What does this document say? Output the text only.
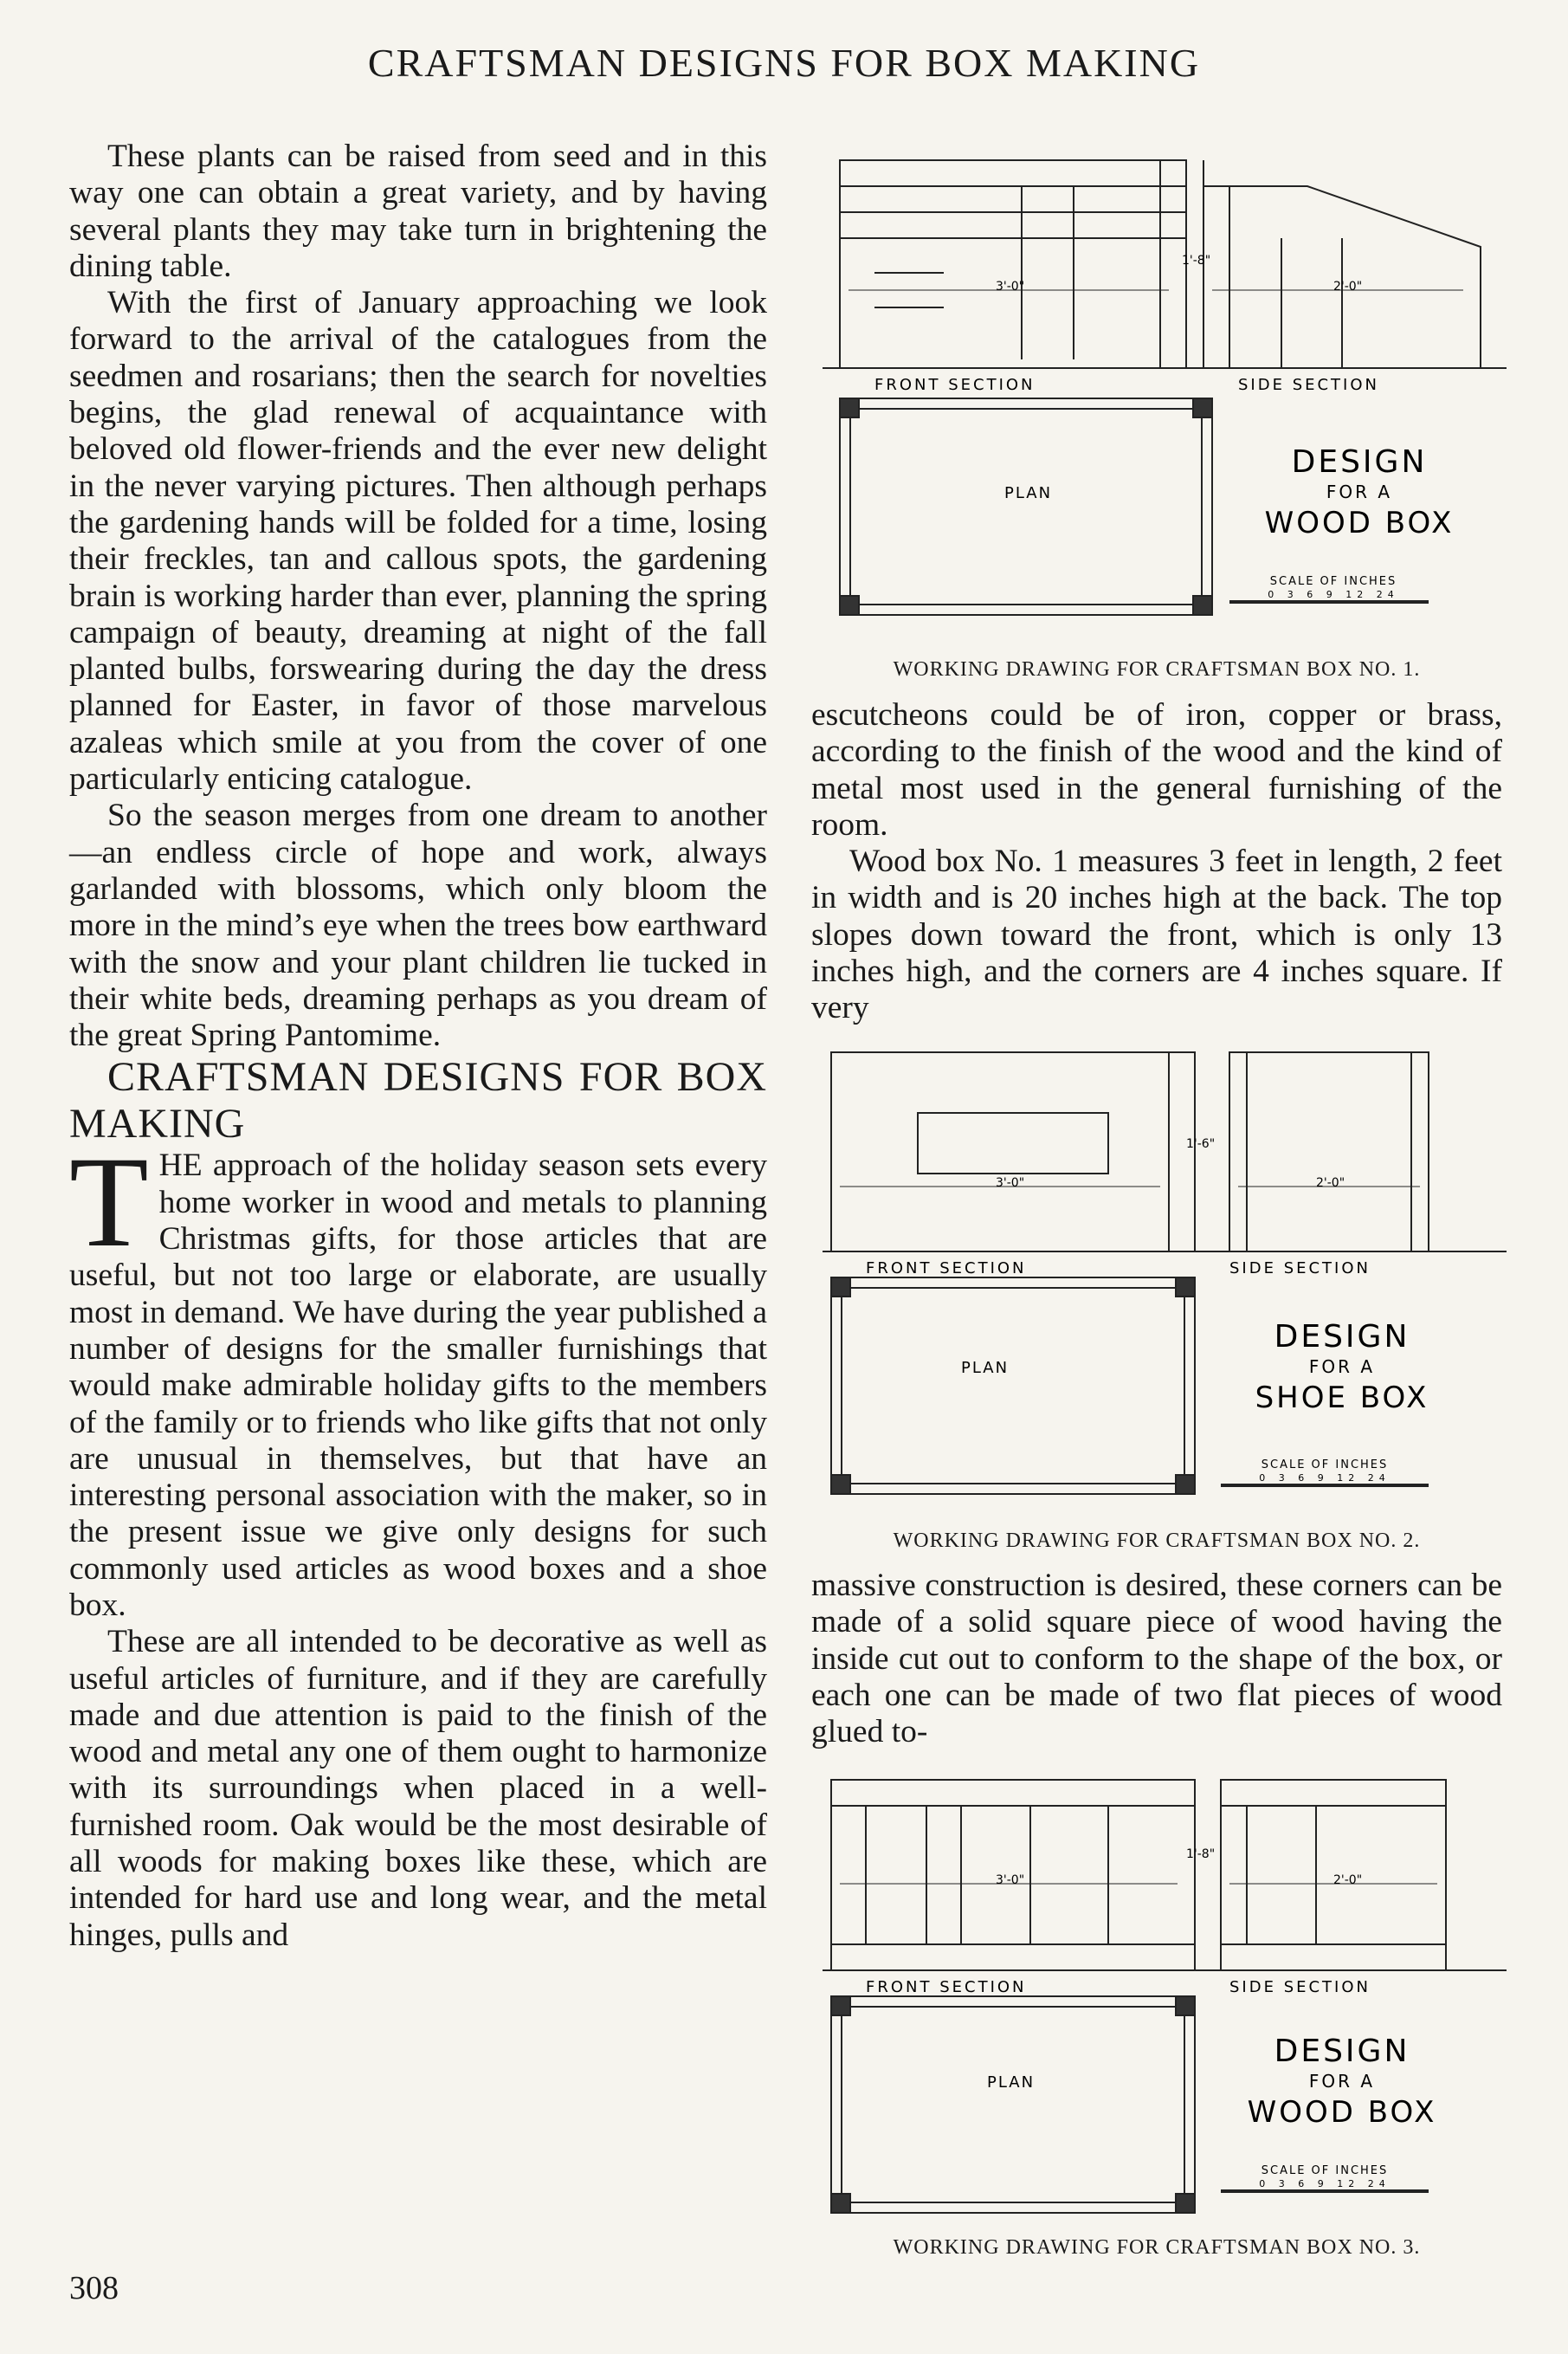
CRAFTSMAN DESIGNS FOR BOX MAKING

These plants can be raised from seed and in this way one can obtain a great variety, and by having several plants they may take turn in brightening the dining table.

With the first of January approaching we look forward to the arrival of the catalogues from the seedmen and rosarians; then the search for novelties begins, the glad renewal of acquaintance with beloved old flower-friends and the ever new delight in the never varying pictures. Then although perhaps the gardening hands will be folded for a time, losing their freckles, tan and callous spots, the gardening brain is working harder than ever, planning the spring campaign of beauty, dreaming at night of the fall planted bulbs, forswearing during the day the dress planned for Easter, in favor of those marvelous azaleas which smile at you from the cover of one particularly enticing catalogue.

So the season merges from one dream to another—an endless circle of hope and work, always garlanded with blossoms, which only bloom the more in the mind’s eye when the trees bow earthward with the snow and your plant children lie tucked in their white beds, dreaming perhaps as you dream of the great Spring Pantomime.

CRAFTSMAN DESIGNS FOR BOX MAKING

THE approach of the holiday season sets every home worker in wood and metals to planning Christmas gifts, for those articles that are useful, but not too large or elaborate, are usually most in demand. We have during the year published a number of designs for the smaller furnishings that would make admirable holiday gifts to the members of the family or to friends who like gifts that not only are unusual in themselves, but that have an interesting personal association with the maker, so in the present issue we give only designs for such commonly used articles as wood boxes and a shoe box.

These are all intended to be decorative as well as useful articles of furniture, and if they are carefully made and due attention is paid to the finish of the wood and metal any one of them ought to harmonize with its surroundings when placed in a well-furnished room. Oak would be the most desirable of all woods for making boxes like these, which are intended for hard use and long wear, and the metal hinges, pulls and

3'-0"	2'-0"
1'-8"
FRONT SECTION	SIDE SECTION
PLAN
DESIGN
FOR A
WOOD BOX
SCALE OF INCHES
0 3 6 9 12 24
WORKING DRAWING FOR CRAFTSMAN BOX NO. 1.

escutcheons could be of iron, copper or brass, according to the finish of the wood and the kind of metal most used in the general furnishing of the room.

Wood box No. 1 measures 3 feet in length, 2 feet in width and is 20 inches high at the back. The top slopes down toward the front, which is only 13 inches high, and the corners are 4 inches square. If very

3'-0"	2'-0"
1'-6"
FRONT SECTION	SIDE SECTION
PLAN
DESIGN
FOR A
SHOE BOX
SCALE OF INCHES
0 3 6 9 12 24
WORKING DRAWING FOR CRAFTSMAN BOX NO. 2.

massive construction is desired, these corners can be made of a solid square piece of wood having the inside cut out to conform to the shape of the box, or each one can be made of two flat pieces of wood glued to-

3'-0"	2'-0"
1'-8"
FRONT SECTION	SIDE SECTION
PLAN
DESIGN
FOR A
WOOD BOX
SCALE OF INCHES
0 3 6 9 12 24
WORKING DRAWING FOR CRAFTSMAN BOX NO. 3.
308
